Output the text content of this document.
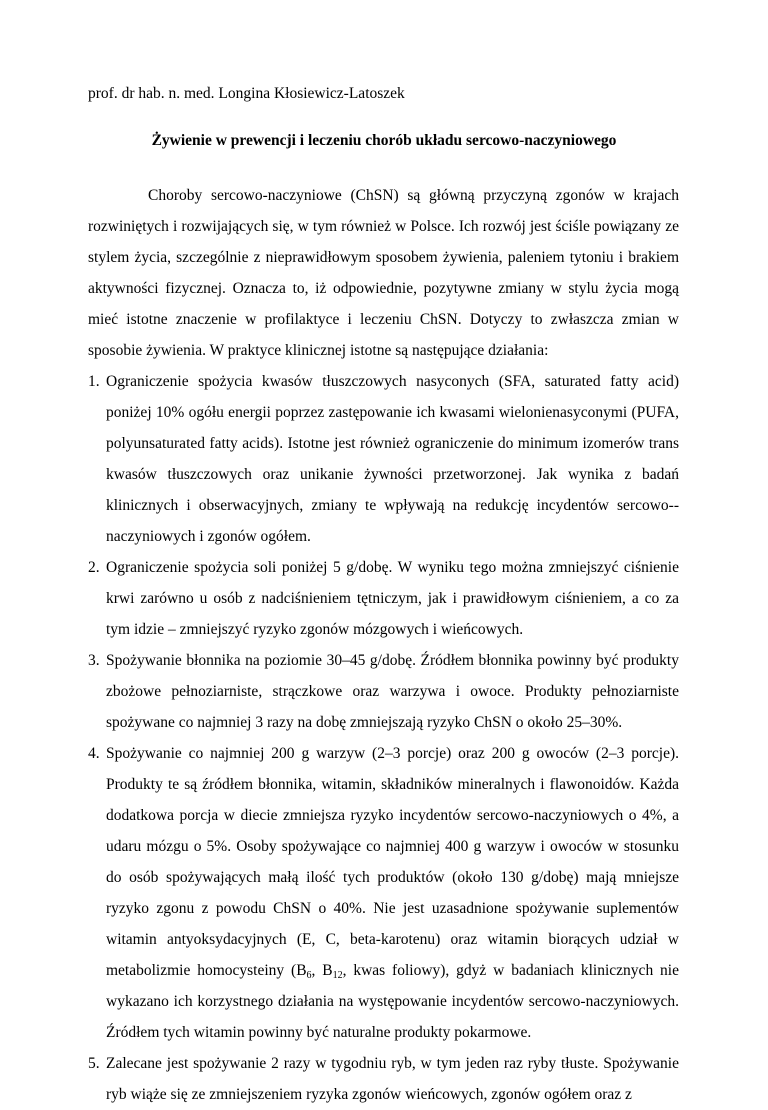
prof. dr hab. n. med. Longina Kłosiewicz-Latoszek
Żywienie w prewencji i leczeniu chorób układu sercowo-naczyniowego

Choroby sercowo-naczyniowe (ChSN) są główną przyczyną zgonów w krajach rozwiniętych i rozwijających się, w tym również w Polsce. Ich rozwój jest ściśle powiązany ze stylem życia, szczególnie z nieprawidłowym sposobem żywienia, paleniem tytoniu i brakiem aktywności fizycznej. Oznacza to, iż odpowiednie, pozytywne zmiany w stylu życia mogą mieć istotne znaczenie w profilaktyce i leczeniu ChSN. Dotyczy to zwłaszcza zmian w sposobie żywienia. W praktyce klinicznej istotne są następujące działania:

1. Ograniczenie spożycia kwasów tłuszczowych nasyconych (SFA, saturated fatty acid) poniżej 10% ogółu energii poprzez zastępowanie ich kwasami wielonienasyconymi (PUFA, polyunsaturated fatty acids). Istotne jest również ograniczenie do minimum izomerów trans kwasów tłuszczowych oraz unikanie żywności przetworzonej. Jak wynika z badań klinicznych i obserwacyjnych, zmiany te wpływają na redukcję incydentów sercowo-​-naczyniowych i zgonów ogółem.
2. Ograniczenie spożycia soli poniżej 5 g/dobę. W wyniku tego można zmniejszyć ciśnienie krwi zarówno u osób z nadciśnieniem tętniczym, jak i prawidłowym ciśnieniem, a co za tym idzie – zmniejszyć ryzyko zgonów mózgowych i wieńcowych.
3. Spożywanie błonnika na poziomie 30–45 g/dobę. Źródłem błonnika powinny być produkty zbożowe pełnoziarniste, strączkowe oraz warzywa i owoce. Produkty pełnoziarniste spożywane co najmniej 3 razy na dobę zmniejszają ryzyko ChSN o około 25–30%.
4. Spożywanie co najmniej 200 g warzyw (2–3 porcje) oraz 200 g owoców (2–3 porcje). Produkty te są źródłem błonnika, witamin, składników mineralnych i flawonoidów. Każda dodatkowa porcja w diecie zmniejsza ryzyko incydentów sercowo-naczyniowych o 4%, a udaru mózgu o 5%. Osoby spożywające co najmniej 400 g warzyw i owoców w stosunku do osób spożywających małą ilość tych produktów (około 130 g/dobę) mają mniejsze ryzyko zgonu z powodu ChSN o 40%. Nie jest uzasadnione spożywanie suplementów witamin antyoksydacyjnych (E, C, beta-karotenu) oraz witamin biorących udział w metabolizmie homocysteiny ($B_6$, $B_{12}$, kwas foliowy), gdyż w badaniach klinicznych nie wykazano ich korzystnego działania na występowanie incydentów sercowo-naczyniowych. Źródłem tych witamin powinny być naturalne produkty pokarmowe.
5. Zalecane jest spożywanie 2 razy w tygodniu ryb, w tym jeden raz ryby tłuste. Spożywanie ryb wiąże się ze zmniejszeniem ryzyka zgonów wieńcowych, zgonów ogółem oraz z
